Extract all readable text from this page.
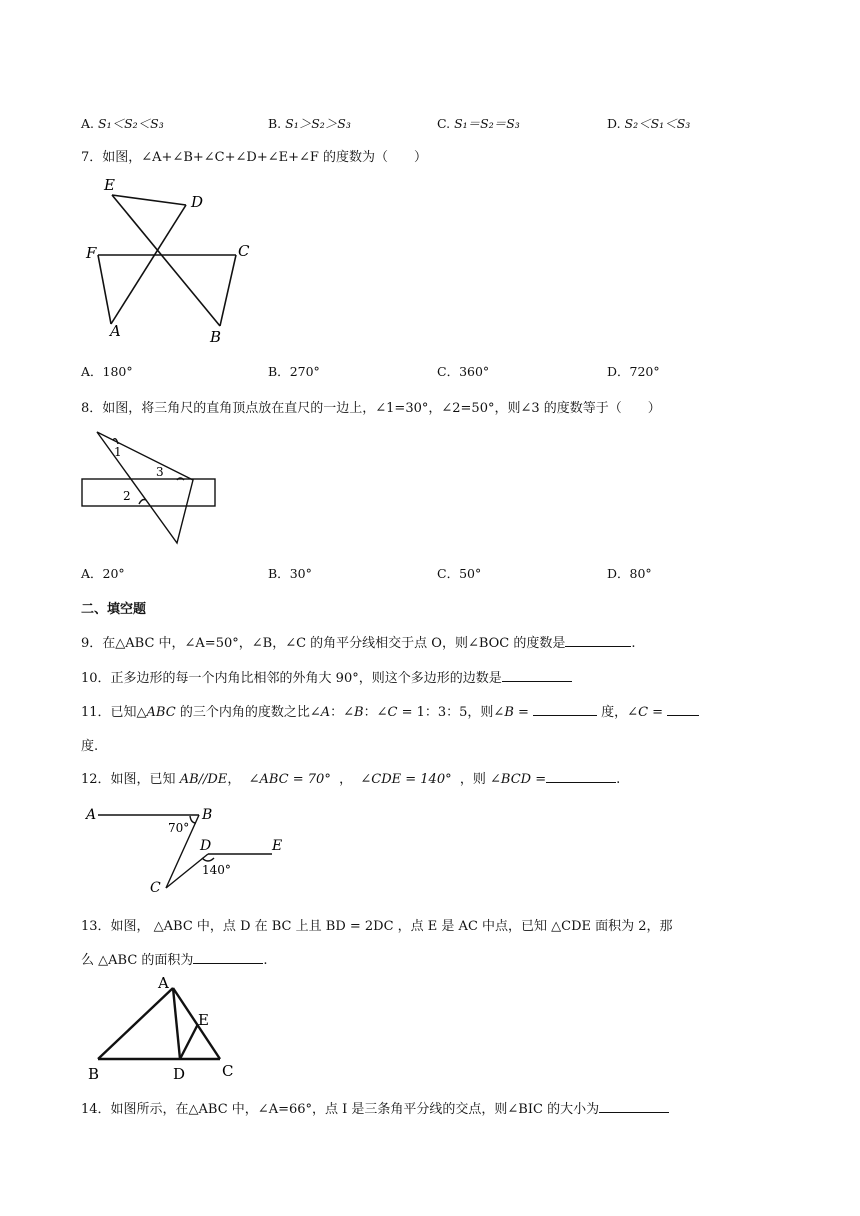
A. S₁＜S₂＜S₃	B. S₁＞S₂＞S₃	C. S₁＝S₂＝S₃	D. S₂＜S₁＜S₃
7．如图，∠A+∠B+∠C+∠D+∠E+∠F 的度数为（　　）
E
D
F	C
A	B
A．180°	B．270°	C．360°	D．720°
8．如图，将三角尺的直角顶点放在直尺的一边上，∠1=30°，∠2=50°，则∠3 的度数等于（　　）
1
3
2
A．20°	B．30°	C．50°	D．80°
二、填空题
9．在△ABC 中，∠A=50°，∠B，∠C 的角平分线相交于点 O，则∠BOC 的度数是	.
10．正多边形的每一个内角比相邻的外角大 90°，则这个多边形的边数是
11．已知△ABC 的三个内角的度数之比∠A：∠B：∠C = 1：3：5，则∠B =	度，∠C =
度.
12．如图，已知 AB//DE， ∠ABC = 70° ， ∠CDE = 140° ，则 ∠BCD =	.
A	B
70°
D	E
140°
C
13．如图， △ABC 中，点 D 在 BC 上且 BD = 2DC ，点 E 是 AC 中点，已知 △CDE 面积为 2，那
么 △ABC 的面积为	.
A
E
B	D C
14．如图所示，在△ABC 中，∠A=66°，点 I 是三条角平分线的交点，则∠BIC 的大小为
